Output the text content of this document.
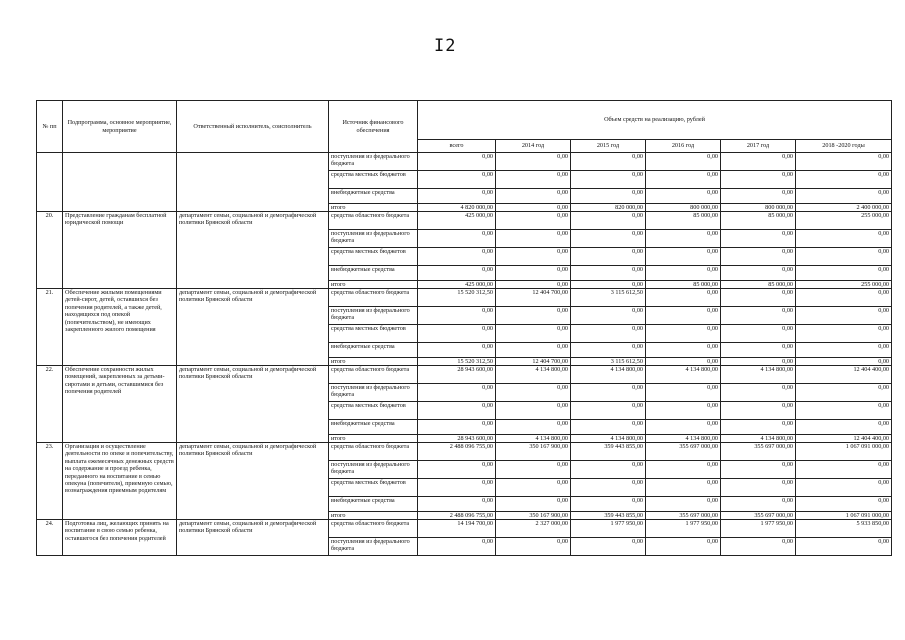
I2
№ пп	Подпрограмма, основное мероприятие, мероприятие	Ответственный исполнитель, соисполнитель	Источник финансового обеспечения	Объем средств на реализацию, рублей					
				всего	2014 год	2015 год	2016 год	2017 год	2018 -2020 годы
			поступления из федерального бюджета	0,00	0,00	0,00	0,00	0,00	0,00
			средства местных бюджетов	0,00	0,00	0,00	0,00	0,00	0,00
			внебюджетные средства	0,00	0,00	0,00	0,00	0,00	0,00
			итого	4 820 000,00	0,00	820 000,00	800 000,00	800 000,00	2 400 000,00
20.	Представление гражданам бесплатной юридической помощи	департамент семьи, социальной и демографической политики Брянской области	средства областного бюджета	425 000,00	0,00	0,00	85 000,00	85 000,00	255 000,00
			поступления из федерального бюджета	0,00	0,00	0,00	0,00	0,00	0,00
			средства местных бюджетов	0,00	0,00	0,00	0,00	0,00	0,00
			внебюджетные средства	0,00	0,00	0,00	0,00	0,00	0,00
			итого	425 000,00	0,00	0,00	85 000,00	85 000,00	255 000,00
21.	Обеспечение жилыми помещениями детей-сирот, детей, оставшихся без попечения родителей, а также детей, находящихся под опекой (попечительством), не имеющих закрепленного жилого помещения	департамент семьи, социальной и демографической политики Брянской области	средства областного бюджета	15 520 312,50	12 404 700,00	3 115 612,50	0,00	0,00	0,00
			поступления из федерального бюджета	0,00	0,00	0,00	0,00	0,00	0,00
			средства местных бюджетов	0,00	0,00	0,00	0,00	0,00	0,00
			внебюджетные средства	0,00	0,00	0,00	0,00	0,00	0,00
			итого	15 520 312,50	12 404 700,00	3 115 612,50	0,00	0,00	0,00
22.	Обеспечение сохранности жилых помещений, закрепленных за детьми-сиротами и детьми, оставшимися без попечения родителей	департамент семьи, социальной и демографической политики Брянской области	средства областного бюджета	28 943 600,00	4 134 800,00	4 134 800,00	4 134 800,00	4 134 800,00	12 404 400,00
			поступления из федерального бюджета	0,00	0,00	0,00	0,00	0,00	0,00
			средства местных бюджетов	0,00	0,00	0,00	0,00	0,00	0,00
			внебюджетные средства	0,00	0,00	0,00	0,00	0,00	0,00
			итого	28 943 600,00	4 134 800,00	4 134 800,00	4 134 800,00	4 134 800,00	12 404 400,00
23.	Организация и осуществление деятельности по опеке и попечительству, выплата ежемесячных денежных средств на содержание и проезд ребенка, переданного на воспитание в семью опекуна (попечителя), приемную семью, вознаграждения приемным родителям	департамент семьи, социальной и демографической политики Брянской области	средства областного бюджета	2 488 096 755,00	350 167 900,00	359 443 855,00	355 697 000,00	355 697 000,00	1 067 091 000,00
			поступления из федерального бюджета	0,00	0,00	0,00	0,00	0,00	0,00
			средства местных бюджетов	0,00	0,00	0,00	0,00	0,00	0,00
			внебюджетные средства	0,00	0,00	0,00	0,00	0,00	0,00
			итого	2 488 096 755,00	350 167 900,00	359 443 855,00	355 697 000,00	355 697 000,00	1 067 091 000,00
24.	Подготовка лиц, желающих принять на воспитание в свою семью ребенка, оставшегося без попечения родителей	департамент семьи, социальной и демографической политики Брянской области	средства областного бюджета	14 194 700,00	2 327 000,00	1 977 950,00	1 977 950,00	1 977 950,00	5 933 850,00
			поступления из федерального бюджета	0,00	0,00	0,00	0,00	0,00	0,00
